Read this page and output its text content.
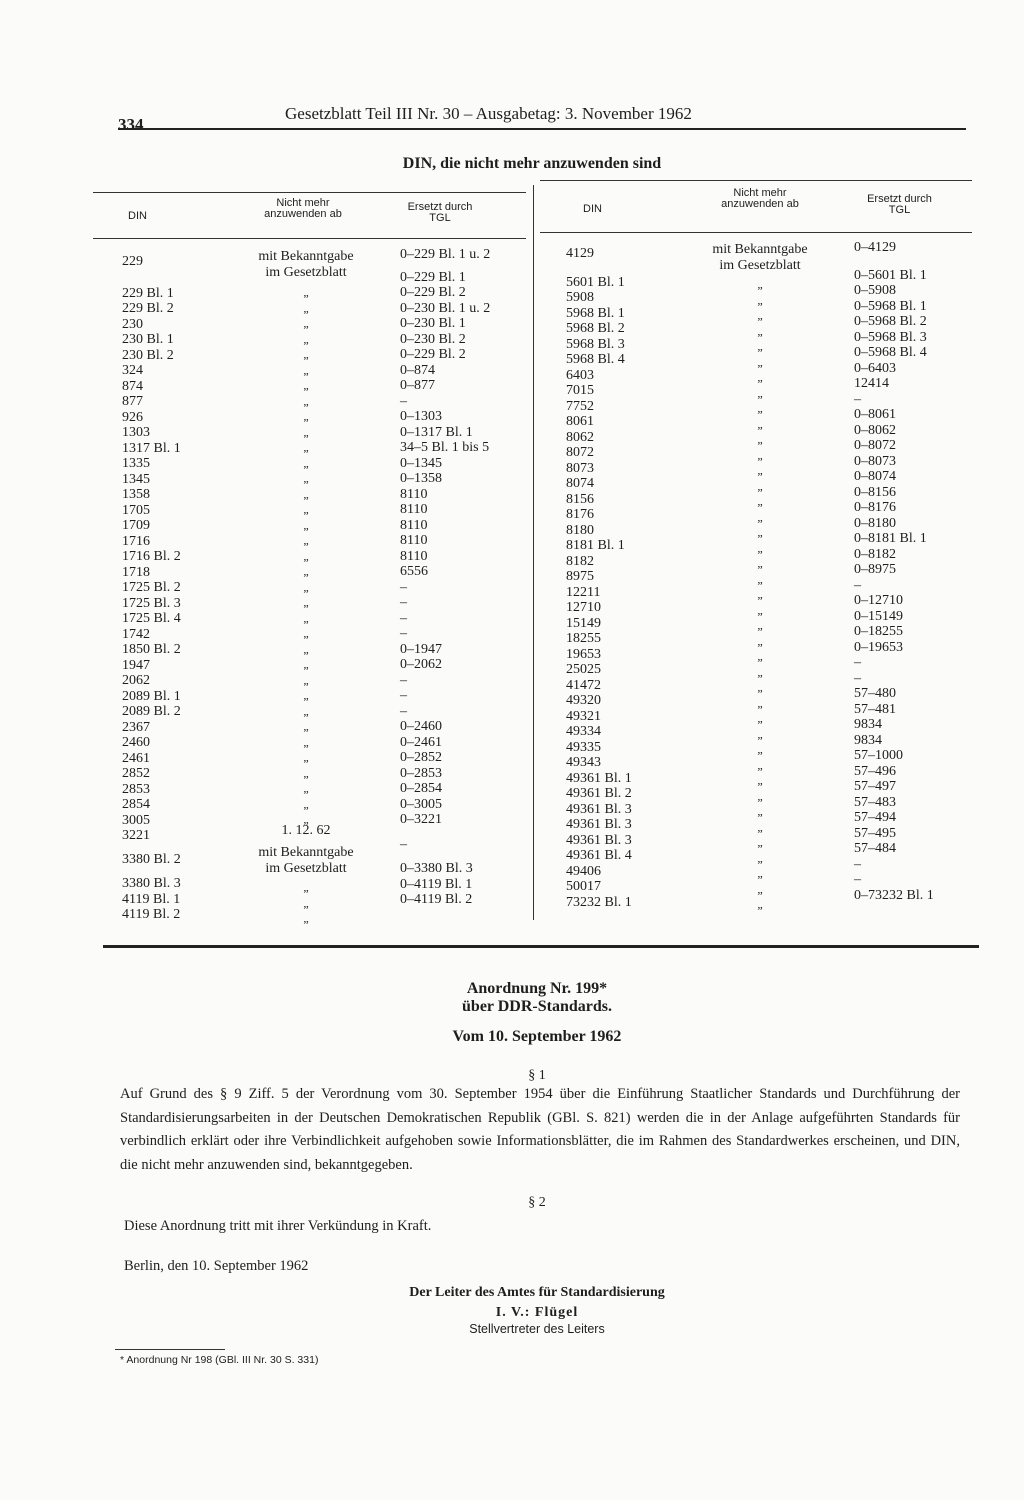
334
Gesetzblatt Teil III Nr. 30 – Ausgabetag: 3. November 1962
DIN, die nicht mehr anzuwenden sind
DIN
Nicht mehr anzuwenden ab
Ersetzt durch TGL
DIN
Nicht mehr anzuwenden ab	Ersetzt durch TGL
229
229 Bl. 1
229 Bl. 2
230
230 Bl. 1
230 Bl. 2
324
874
877
926
1303
1317 Bl. 1
1335
1345
1358
1705
1709
1716
1716 Bl. 2
1718
1725 Bl. 2
1725 Bl. 3
1725 Bl. 4
1742
1850 Bl. 2
1947
2062
2089 Bl. 1
2089 Bl. 2
2367
2460
2461
2852
2853
2854
3005
3221
3380 Bl. 2
3380 Bl. 3
4119 Bl. 1
4119 Bl. 2
0–229 Bl. 1 u. 2
0–229 Bl. 1
0–229 Bl. 2
0–230 Bl. 1 u. 2
0–230 Bl. 1
0–230 Bl. 2
0–229 Bl. 2
0–874
0–877
–
0–1303
0–1317 Bl. 1
34–5 Bl. 1 bis 5
0–1345
0–1358
8110
8110
8110
8110
8110
6556
–
–
–
–
0–1947
0–2062
–
–
–
0–2460
0–2461
0–2852
0–2853
0–2854
0–3005
0–3221
–
0–3380 Bl. 3
0–4119 Bl. 1
0–4119 Bl. 2
mit Bekanntgabe
im Gesetzblatt
„
„
„
„
„
„
„
„
„
„
„
„
„
„
„
„
„
„
„
„
„
„
„
„
„
„
„
„
„
„
„
„
„
„
„
1. 12. 62
mit Bekanntgabe
im Gesetzblatt
„
„
„
4129
5601 Bl. 1
5908
5968 Bl. 1
5968 Bl. 2
5968 Bl. 3
5968 Bl. 4
6403
7015
7752
8061
8062
8072
8073
8074
8156
8176
8180
8181 Bl. 1
8182
8975
12211
12710
15149
18255
19653
25025
41472
49320
49321
49334
49335
49343
49361 Bl. 1
49361 Bl. 2
49361 Bl. 3
49361 Bl. 3
49361 Bl. 3
49361 Bl. 4
49406
50017
73232 Bl. 1
0–4129
0–5601 Bl. 1
0–5908
0–5968 Bl. 1
0–5968 Bl. 2
0–5968 Bl. 3
0–5968 Bl. 4
0–6403
12414
–
0–8061
0–8062
0–8072
0–8073
0–8074
0–8156
0–8176
0–8180
0–8181 Bl. 1
0–8182
0–8975
–
0–12710
0–15149
0–18255
0–19653
–
–
57–480
57–481
9834
9834
57–1000
57–496
57–497
57–483
57–494
57–495
57–484
–
–
0–73232 Bl. 1
mit Bekanntgabe
im Gesetzblatt
„
„
„
„
„
„
„
„
„
„
„
„
„
„
„
„
„
„
„
„
„
„
„
„
„
„
„
„
„
„
„
„
„
„
„
„
„
„
„
„
„
Anordnung Nr. 199*
über DDR-Standards.
Vom 10. September 1962
§ 1
Auf Grund des § 9 Ziff. 5 der Verordnung vom 30. September 1954 über die Einführung Staatlicher Standards und Durchführung der Standardisierungsarbeiten in der Deutschen Demokratischen Republik (GBl. S. 821) werden die in der Anlage aufgeführten Standards für verbindlich erklärt oder ihre Verbindlichkeit aufgehoben sowie Informationsblätter, die im Rahmen des Standardwerkes erscheinen, und DIN, die nicht mehr anzuwenden sind, bekanntgegeben.
§ 2
Diese Anordnung tritt mit ihrer Verkündung in Kraft.
Berlin, den 10. September 1962
Der Leiter des Amtes für Standardisierung
I. V.: Flügel
Stellvertreter des Leiters
* Anordnung Nr 198 (GBl. III Nr. 30 S. 331)
